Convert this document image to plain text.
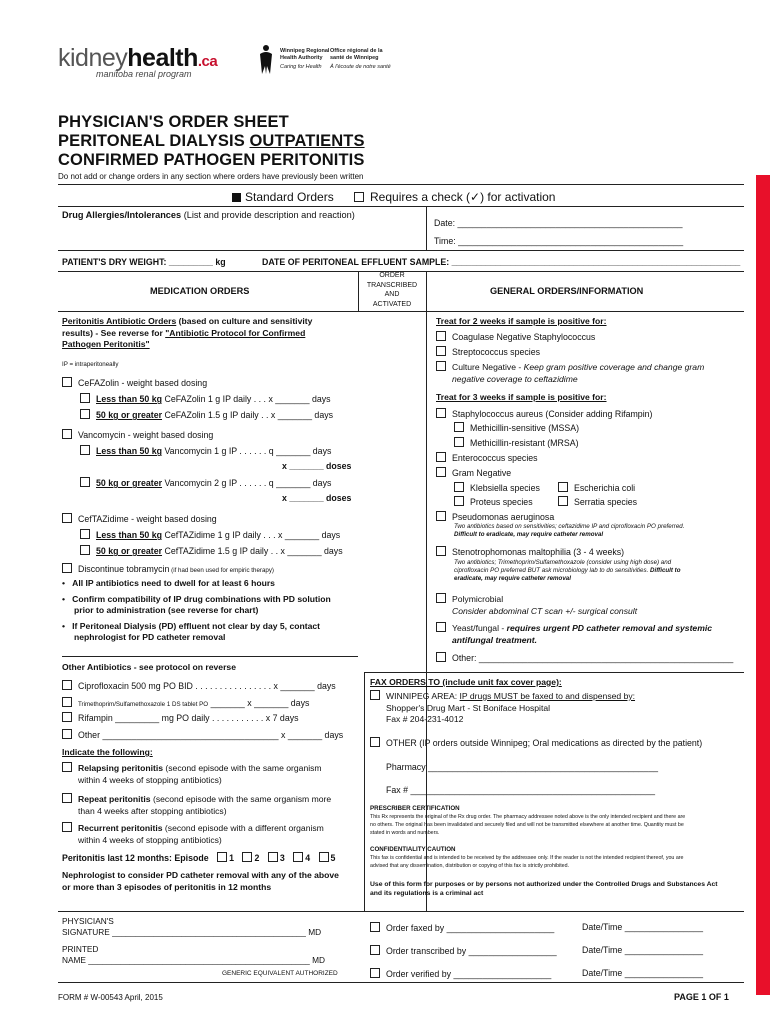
kidneyhealth.ca
manitoba renal program
Winnipeg Regional
Health Authority
Caring for Health
Office régional de la
santé de Winnipeg
À l'écoute de notre santé
PHYSICIAN'S ORDER SHEET
PERITONEAL DIALYSIS OUTPATIENTS
CONFIRMED PATHOGEN PERITONITIS
Do not add or change orders in any section where orders have previously been written
Standard Orders	Requires a check (✓) for activation
Drug Allergies/Intolerances (List and provide description and reaction)
Date: ______________________________________________
Time: ______________________________________________
PATIENT'S DRY WEIGHT: _________ kg	DATE OF PERITONEAL EFFLUENT SAMPLE: ___________________________________________________________
MEDICATION ORDERS
ORDER
TRANSCRIBED
AND
ACTIVATED
GENERAL ORDERS/INFORMATION
Peritonitis Antibiotic Orders (based on culture and sensitivity
results) - See reverse for "Antibiotic Protocol for Confirmed
Pathogen Peritonitis"
IP = intraperitoneally
CeFAZolin - weight based dosing
Less than 50 kg CeFAZolin 1 g IP daily . . . x _______ days
50 kg or greater CeFAZolin 1.5 g IP daily . . x _______ days
Vancomycin - weight based dosing
Less than 50 kg Vancomycin 1 g IP . . . . . . q _______ days
x _______ doses
50 kg or greater Vancomycin 2 g IP . . . . . . q _______ days
x _______ doses
CefTAZidime - weight based dosing
Less than 50 kg CefTAZidime 1 g IP daily . . . x _______ days
50 kg or greater CefTAZidime 1.5 g IP daily . . x _______ days
Discontinue tobramycin (if had been used for empiric therapy)
•   All IP antibiotics need to dwell for at least 6 hours
•   Confirm compatibility of IP drug combinations with PD solution
prior to administration (see reverse for chart)
•   If Peritoneal Dialysis (PD) effluent not clear by day 5, contact
nephrologist for PD catheter removal
Other Antibiotics - see protocol on reverse
Ciprofloxacin 500 mg PO BID . . . . . . . . . . . . . . . . x _______ days
Trimethoprim/Sulfamethoxazole 1 DS tablet PO _______ x _______ days
Rifampin _________ mg PO daily . . . . . . . . . . . x 7 days
Other ____________________________________ x _______ days
Indicate the following:
Relapsing peritonitis (second episode with the same organism
within 4 weeks of stopping antibiotics)
Repeat peritonitis (second episode with the same organism more
than 4 weeks after stopping antibiotics)
Recurrent peritonitis (second episode with a different organism
within 4 weeks of stopping antibiotics)
Peritonitis last 12 months: Episode 1 2 3 4 5
Nephrologist to consider PD catheter removal with any of the above
or more than 3 episodes of peritonitis in 12 months
Treat for 2 weeks if sample is positive for:
Coagulase Negative Staphylococcus
Streptococcus species
Culture Negative - Keep gram positive coverage and change gram
negative coverage to ceftazidime
Treat for 3 weeks if sample is positive for:
Staphylococcus aureus (Consider adding Rifampin)
Methicillin-sensitive (MSSA)
Methicillin-resistant (MRSA)
Enterococcus species
Gram Negative
Klebsiella species	Escherichia coli
Proteus species	Serratia species
Pseudomonas aeruginosa
Two antibiotics based on sensitivities; ceftazidime IP and ciprofloxacin PO preferred.
Difficult to eradicate, may require catheter removal
Stenotrophomonas maltophilia (3 - 4 weeks)
Two antibiotics; Trimethoprim/Sulfamethoxazole (consider using high dose) and
ciprofloxacin PO preferred BUT ask microbiology lab to do sensitivities. Difficult to
eradicate, may require catheter removal
Polymicrobial
Consider abdominal CT scan +/- surgical consult
Yeast/fungal - requires urgent PD catheter removal and systemic
antifungal treatment.
Other: ____________________________________________________
FAX ORDERS TO (include unit fax cover page):
WINNIPEG AREA: IP drugs MUST be faxed to and dispensed by:
Shopper's Drug Mart - St Boniface Hospital
Fax # 204-231-4012
OTHER (IP orders outside Winnipeg; Oral medications as directed by the patient)
Pharmacy _______________________________________________
Fax # __________________________________________________
PRESCRIBER CERTIFICATION
This Rx represents the original of the Rx drug order. The pharmacy addressee noted above is the only intended recipient and there are
no others. The original has been invalidated and securely filed and will not be transmitted elsewhere at another time. Quantity must be
stated in words and numbers.
CONFIDENTIALITY CAUTION
This fax is confidential and is intended to be received by the addressee only. If the reader is not the intended recipient thereof, you are
advised that any dissemination, distribution or copying of this fax is strictly prohibited.
Use of this form for purposes or by persons not authorized under the Controlled Drugs and Substances Act
and its regulations is a criminal act
PHYSICIAN'S
SIGNATURE __________________________________________ MD
PRINTED
NAME ________________________________________________ MD
GENERIC EQUIVALENT AUTHORIZED
Order faxed by ______________________	Date/Time ________________
Order transcribed by __________________	Date/Time ________________
Order verified by ____________________	Date/Time ________________
FORM # W-00543 April, 2015	PAGE 1 OF 1
